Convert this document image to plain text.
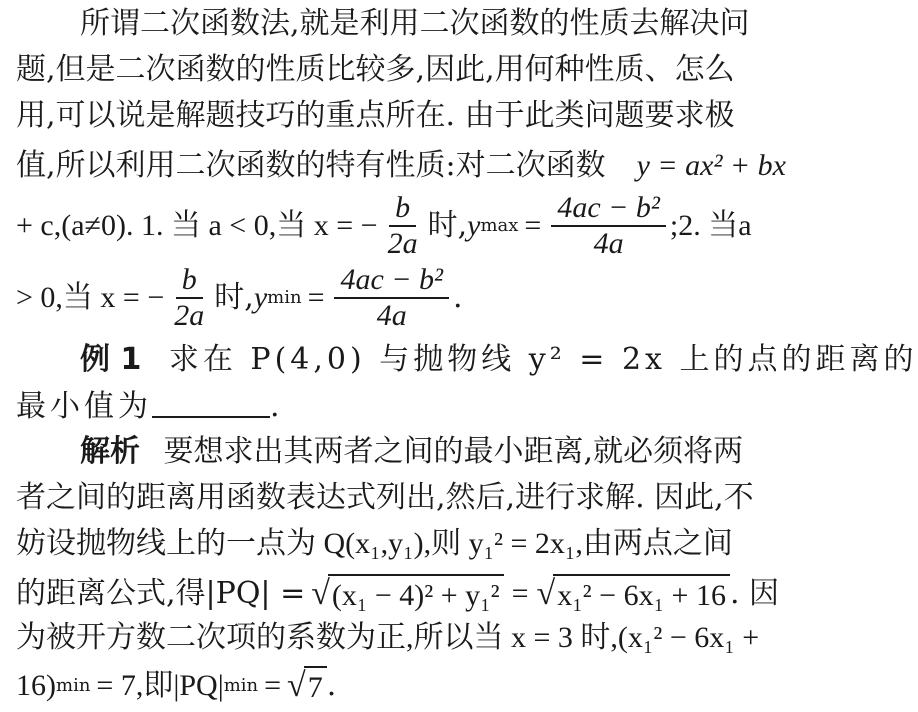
所谓二次函数法,就是利用二次函数的性质去解决问
题,但是二次函数的性质比较多,因此,用何种性质、怎么
用,可以说是解题技巧的重点所在. 由于此类问题要求极
值,所以利用二次函数的特有性质:对二次函数 y = ax² + bx
+ c,(a≠0). 1. 当 a < 0,当 x = − $\frac{b}{2a}$ 时, y $\max = \frac{\text{4ac − b²}}{4a}$ ;2. 当a
> 0,当 x = − $\frac{b}{2a}$ 时, y $\min = \frac{\text{4ac − b²}}{4a}$ .
例 1 求在 P(4,0) 与抛物线 y² = 2x 上的点的距离的
最小值为	.
解析 要想求出其两者之间的最小距离,就必须将两
者之间的距离用函数表达式列出,然后,进行求解. 因此,不
妨设抛物线上的一点为 Q(x₁,y₁),则 y₁² = 2x₁,由两点之间
的距离公式,得|PQ| = √ (x₁ − 4)² + y₁² = √ x₁² − 6x₁ + 16 . 因
为被开方数二次项的系数为正,所以当 x = 3 时,(x₁² − 6x₁ +
16) min = 7,即|PQ| min = √ 7 .
